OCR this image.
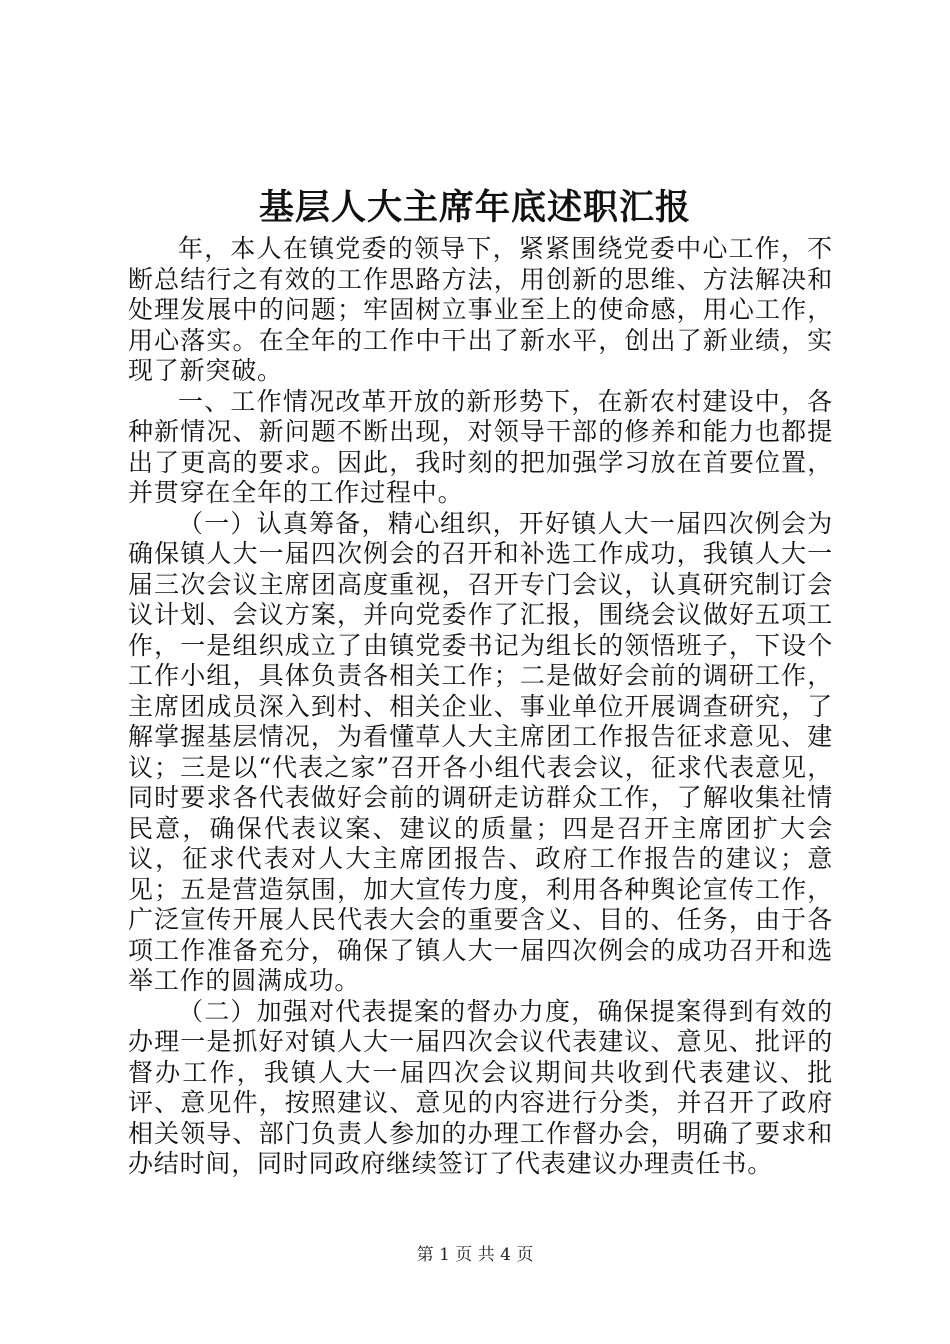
基层人大主席年底述职汇报

年，本人在镇党委的领导下，紧紧围绕党委中心工作，不断总结行之有效的工作思路方法，用创新的思维、方法解决和处理发展中的问题；牢固树立事业至上的使命感，用心工作，用心落实。在全年的工作中干出了新水平，创出了新业绩，实现了新突破。

一、工作情况改革开放的新形势下，在新农村建设中，各种新情况、新问题不断出现，对领导干部的修养和能力也都提出了更高的要求。因此，我时刻的把加强学习放在首要位置，并贯穿在全年的工作过程中。

（一）认真筹备，精心组织，开好镇人大一届四次例会为确保镇人大一届四次例会的召开和补选工作成功，我镇人大一届三次会议主席团高度重视，召开专门会议，认真研究制订会议计划、会议方案，并向党委作了汇报，围绕会议做好五项工作，一是组织成立了由镇党委书记为组长的领悟班子，下设个工作小组，具体负责各相关工作；二是做好会前的调研工作，主席团成员深入到村、相关企业、事业单位开展调查研究，了解掌握基层情况，为看懂草人大主席团工作报告征求意见、建议；三是以“代表之家”召开各小组代表会议，征求代表意见，同时要求各代表做好会前的调研走访群众工作，了解收集社情民意，确保代表议案、建议的质量；四是召开主席团扩大会议，征求代表对人大主席团报告、政府工作报告的建议；意见；五是营造氛围，加大宣传力度，利用各种舆论宣传工作，广泛宣传开展人民代表大会的重要含义、目的、任务，由于各项工作准备充分，确保了镇人大一届四次例会的成功召开和选举工作的圆满成功。

（二）加强对代表提案的督办力度，确保提案得到有效的办理一是抓好对镇人大一届四次会议代表建议、意见、批评的督办工作，我镇人大一届四次会议期间共收到代表建议、批评、意见件，按照建议、意见的内容进行分类，并召开了政府相关领导、部门负责人参加的办理工作督办会，明确了要求和办结时间，同时同政府继续签订了代表建议办理责任书。

第 1 页 共 4 页
